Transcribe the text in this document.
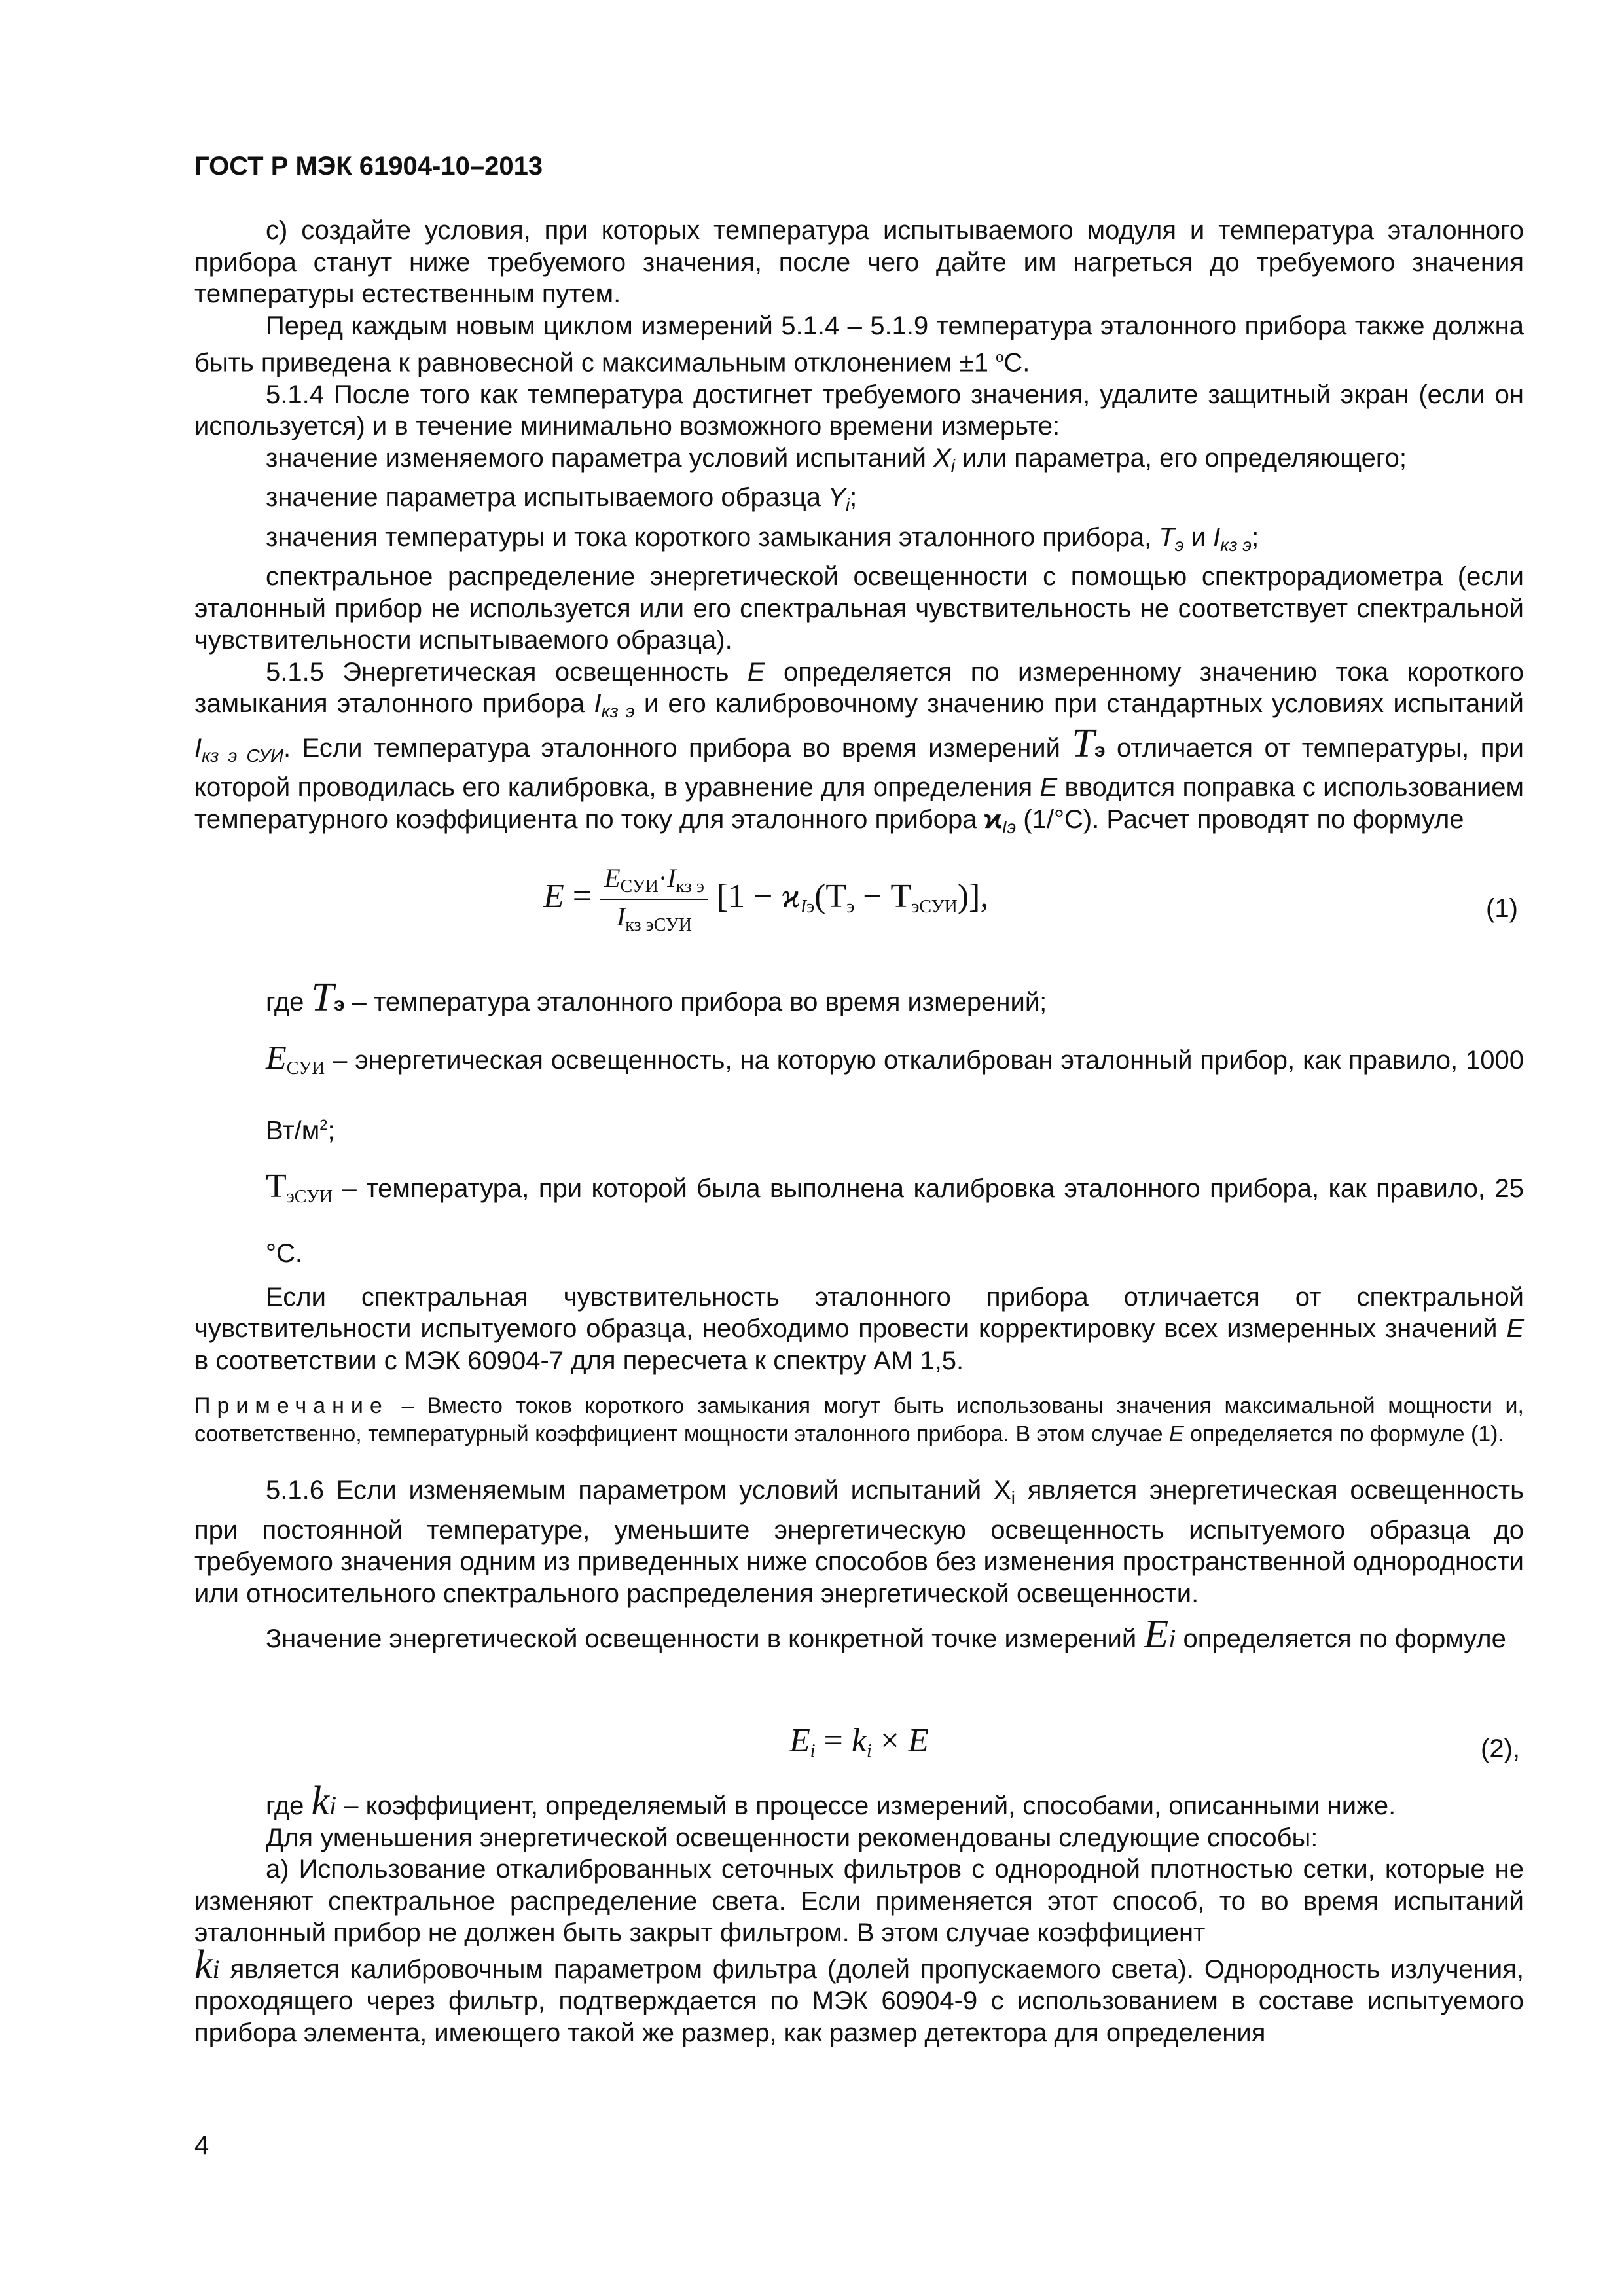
ГОСТ Р МЭК 61904-10–2013

c) создайте условия, при которых температура испытываемого модуля и температура эталонного прибора станут ниже требуемого значения, после чего дайте им нагреться до требуемого значения температуры естественным путем.

Перед каждым новым циклом измерений 5.1.4 – 5.1.9 температура эталонного прибора также должна быть приведена к равновесной с максимальным отклонением ±1 $^o$С.

5.1.4 После того как температура достигнет требуемого значения, удалите защитный экран (если он используется) и в течение минимально возможного времени измерьте:

значение изменяемого параметра условий испытаний $X_i$ или параметра, его определяющего;

значение параметра испытываемого образца $Y_i$;

значения температуры и тока короткого замыкания эталонного прибора, $T_э$ и $I_{кз э}$;

спектральное распределение энергетической освещенности с помощью спектрорадиометра (если эталонный прибор не используется или его спектральная чувствительность не соответствует спектральной чувствительности испытываемого образца).

5.1.5 Энергетическая освещенность E определяется по измеренному значению тока короткого замыкания эталонного прибора $I_{кз э}$ и его калибровочному значению при стандартных условиях испытаний $I_{кз э СУИ}$. Если температура эталонного прибора во время измерений Tэ отличается от температуры, при которой проводилась его калибровка, в уравнение для определения E вводится поправка с использованием температурного коэффициента по току для эталонного прибора $ϰ_{Iэ}$ (1/°С). Расчет проводят по формуле

$E = \frac{E_{СУИ}\cdot I_{кз э}}{I_{кз эСУИ}} [1 - ϰ_{Iэ}(T_э - T_{эСУИ})]$,	(1)

где Tэ – температура эталонного прибора во время измерений;

$E_{СУИ}$ – энергетическая освещенность, на которую откалиброван эталонный прибор, как правило, 1000 $Вт/м^2$;

$T_{эСУИ}$ – температура, при которой была выполнена калибровка эталонного прибора, как правило, 25 °С.

Если спектральная чувствительность эталонного прибора отличается от спектральной чувствительности испытуемого образца, необходимо провести корректировку всех измеренных значений E в соответствии с МЭК 60904-7 для пересчета к спектру АМ 1,5.

Примечание – Вместо токов короткого замыкания могут быть использованы значения максимальной мощности и, соответственно, температурный коэффициент мощности эталонного прибора. В этом случае E определяется по формуле (1).

5.1.6 Если изменяемым параметром условий испытаний $X_i$ является энергетическая освещенность при постоянной температуре, уменьшите энергетическую освещенность испытуемого образца до требуемого значения одним из приведенных ниже способов без изменения пространственной однородности или относительного спектрального распределения энергетической освещенности.

Значение энергетической освещенности в конкретной точке измерений Ei определяется по формуле

$E_i = k_i \times E$	(2),

где ki – коэффициент, определяемый в процессе измерений, способами, описанными ниже.

Для уменьшения энергетической освещенности рекомендованы следующие способы:

а) Использование откалиброванных сеточных фильтров с однородной плотностью сетки, которые не изменяют спектральное распределение света. Если применяется этот способ, то во время испытаний эталонный прибор не должен быть закрыт фильтром. В этом случае коэффициент
ki является калибровочным параметром фильтра (долей пропускаемого света). Однородность излучения, проходящего через фильтр, подтверждается по МЭК 60904-9 с использованием в составе испытуемого прибора элемента, имеющего такой же размер, как размер детектора для определения

4
